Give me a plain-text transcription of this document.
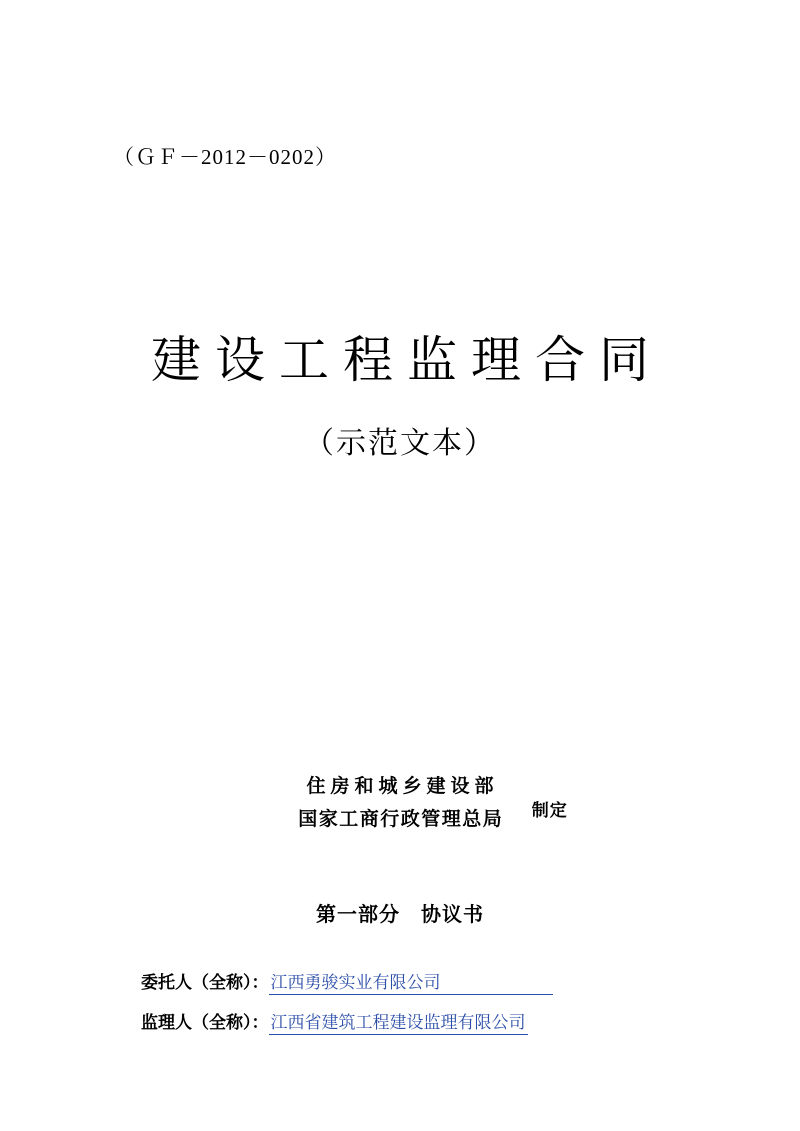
（ＧＦ－2012－0202）
建设工程监理合同
（示范文本）
住房和城乡建设部
国家工商行政管理总局 制定
第一部分　协议书
委托人（全称）： 江西勇骏实业有限公司
监理人（全称）： 江西省建筑工程建设监理有限公司
